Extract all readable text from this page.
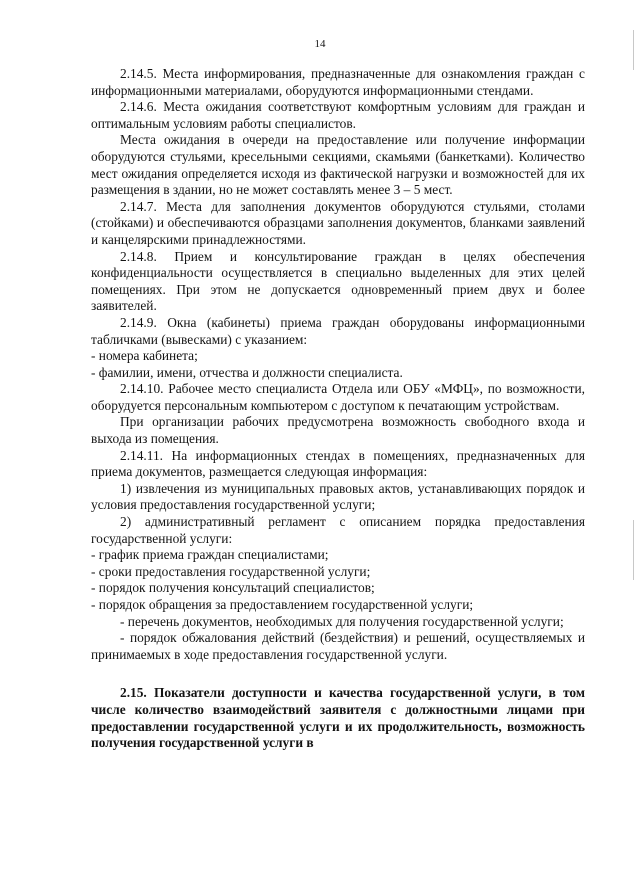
14

2.14.5. Места информирования, предназначенные для ознакомления граждан с информационными материалами, оборудуются информационными стендами.

2.14.6. Места ожидания соответствуют комфортным условиям для граждан и оптимальным условиям работы специалистов.

Места ожидания в очереди на предоставление или получение информации оборудуются стульями, кресельными секциями, скамьями (банкетками). Количество мест ожидания определяется исходя из фактической нагрузки и возможностей для их размещения в здании, но не может составлять менее 3 – 5 мест.

2.14.7. Места для заполнения документов оборудуются стульями, столами (стойками) и обеспечиваются образцами заполнения документов, бланками заявлений и канцелярскими принадлежностями.

2.14.8. Прием и консультирование граждан в целях обеспечения конфиденциальности осуществляется в специально выделенных для этих целей помещениях. При этом не допускается одновременный прием двух и более заявителей.

2.14.9. Окна (кабинеты) приема граждан оборудованы информационными табличками (вывесками) с указанием:

- номера кабинета;

- фамилии, имени, отчества и должности специалиста.

2.14.10. Рабочее место специалиста Отдела или ОБУ «МФЦ», по возможности, оборудуется персональным компьютером с доступом к печатающим устройствам.

При организации рабочих предусмотрена возможность свободного входа и выхода из помещения.

2.14.11. На информационных стендах в помещениях, предназначенных для приема документов, размещается следующая информация:

1) извлечения из муниципальных правовых актов, устанавливающих порядок и условия предоставления государственной услуги;

2) административный регламент с описанием порядка предоставления государственной услуги:

- график приема граждан специалистами;

- сроки предоставления государственной услуги;

- порядок получения консультаций специалистов;

- порядок обращения за предоставлением государственной услуги;

- перечень документов, необходимых для получения государственной услуги;

- порядок обжалования действий (бездействия) и решений, осуществляемых и принимаемых в ходе предоставления государственной услуги.

2.15. Показатели доступности и качества государственной услуги, в том числе количество взаимодействий заявителя с должностными лицами при предоставлении государственной услуги и их продолжительность, возможность получения государственной услуги в
